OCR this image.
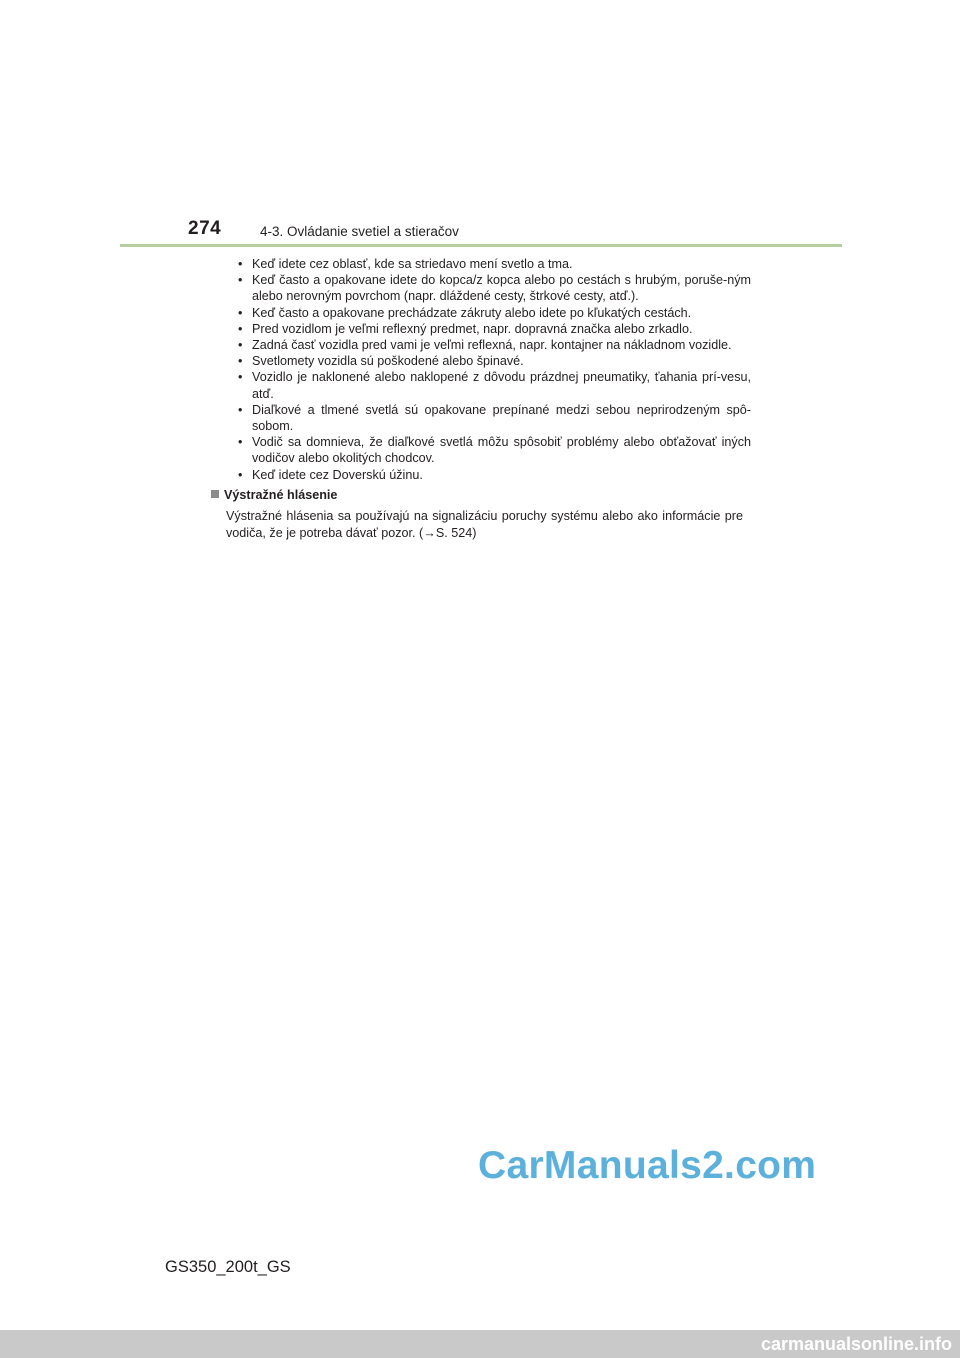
274	4-3. Ovládanie svetiel a stieračov
• Keď idete cez oblasť, kde sa striedavo mení svetlo a tma.
• Keď často a opakovane idete do kopca/z kopca alebo po cestách s hrubým, poruše-ným alebo nerovným povrchom (napr. dláždené cesty, štrkové cesty, atď.).
• Keď často a opakovane prechádzate zákruty alebo idete po kľukatých cestách.
• Pred vozidlom je veľmi reflexný predmet, napr. dopravná značka alebo zrkadlo.
• Zadná časť vozidla pred vami je veľmi reflexná, napr. kontajner na nákladnom vozidle.
• Svetlomety vozidla sú poškodené alebo špinavé.
• Vozidlo je naklonené alebo naklopené z dôvodu prázdnej pneumatiky, ťahania prí-vesu, atď.
• Diaľkové a tlmené svetlá sú opakovane prepínané medzi sebou neprirodzeným spô-sobom.
• Vodič sa domnieva, že diaľkové svetlá môžu spôsobiť problémy alebo obťažovať iných vodičov alebo okolitých chodcov.
• Keď idete cez Doverskú úžinu.
Výstražné hlásenie
Výstražné hlásenia sa používajú na signalizáciu poruchy systému alebo ako informácie pre vodiča, že je potreba dávať pozor. (→S. 524)
GS350_200t_GS
CarManuals2.com
carmanualsonline.info
